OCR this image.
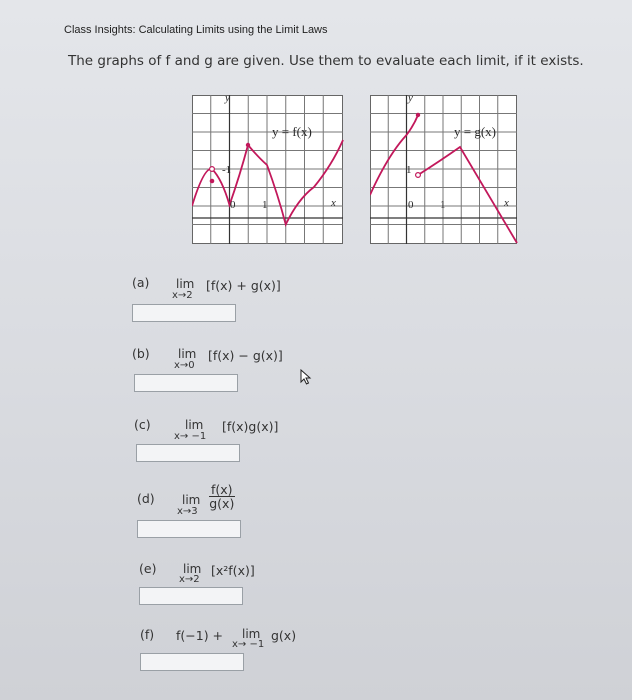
Class Insights: Calculating Limits using the Limit Laws
The graphs of f and g are given. Use them to evaluate each limit, if it exists.
y
y = f(x)
-1
0 1	x
y
y = g(x)
1
0 1	x
(a) lim
x→2
[f(x) + g(x)]
(b) lim
x→0
[f(x) − g(x)]
(c)	lim
x→ −1
[f(x)g(x)]
(d) lim
x→3
$\frac{f(x)}{g(x)}$
(e) lim
x→2
[x²f(x)]
(f) f(−1) + lim
x→ −1
g(x)
